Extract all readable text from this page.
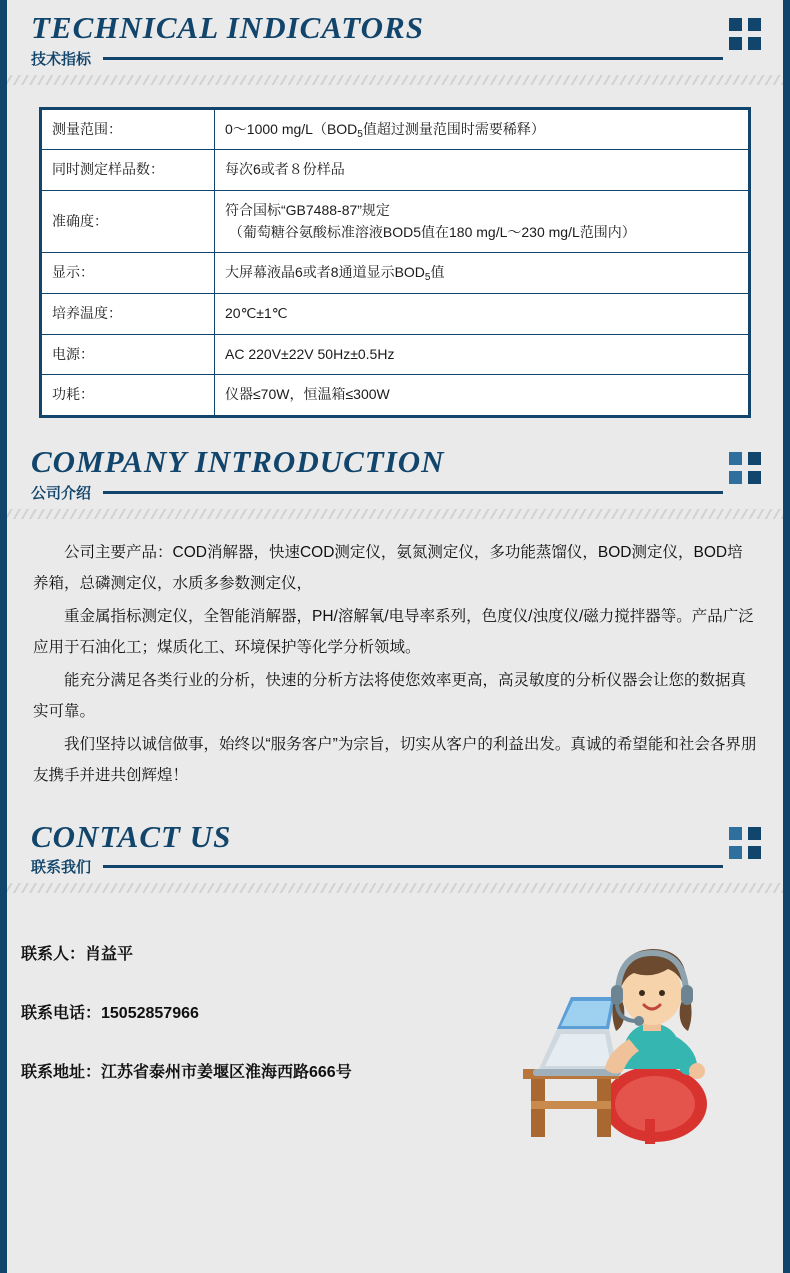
TECHNICAL INDICATORS
技术指标
测量范围：	0～1000 $mg/L(BOD_5$值超过测量范围时需要稀释）
同时测定样品数：	每次6或者８份样品
准确度：	符合国标“GB7488-87”规定
（葡萄糖谷氨酸标准溶液BOD5值在180 mg/L～230 mg/L范围内）
显示：	大屏幕液晶6或者8通道显示$BOD_5$值
培养温度：	20℃±1℃
电源：	AC 220V±22V 50Hz±0.5Hz
功耗：	仪器≤70W，恒温箱≤300W
COMPANY INTRODUCTION
公司介绍

公司主要产品：COD消解器，快速COD测定仪，氨氮测定仪，多功能蒸馏仪，BOD测定仪，BOD培养箱，总磷测定仪，水质多参数测定仪，

重金属指标测定仪，全智能消解器，PH/溶解氧/电导率系列，色度仪/浊度仪/磁力搅拌器等。产品广泛应用于石油化工；煤质化工、环境保护等化学分析领域。

能充分满足各类行业的分析，快速的分析方法将使您效率更高，高灵敏度的分析仪器会让您的数据真实可靠。

我们坚持以诚信做事，始终以“服务客户”为宗旨，切实从客户的利益出发。真诚的希望能和社会各界朋友携手并进共创辉煌！

CONTACT US
联系我们
联系人：肖益平
联系电话：15052857966
联系地址：江苏省泰州市姜堰区淮海西路666号
